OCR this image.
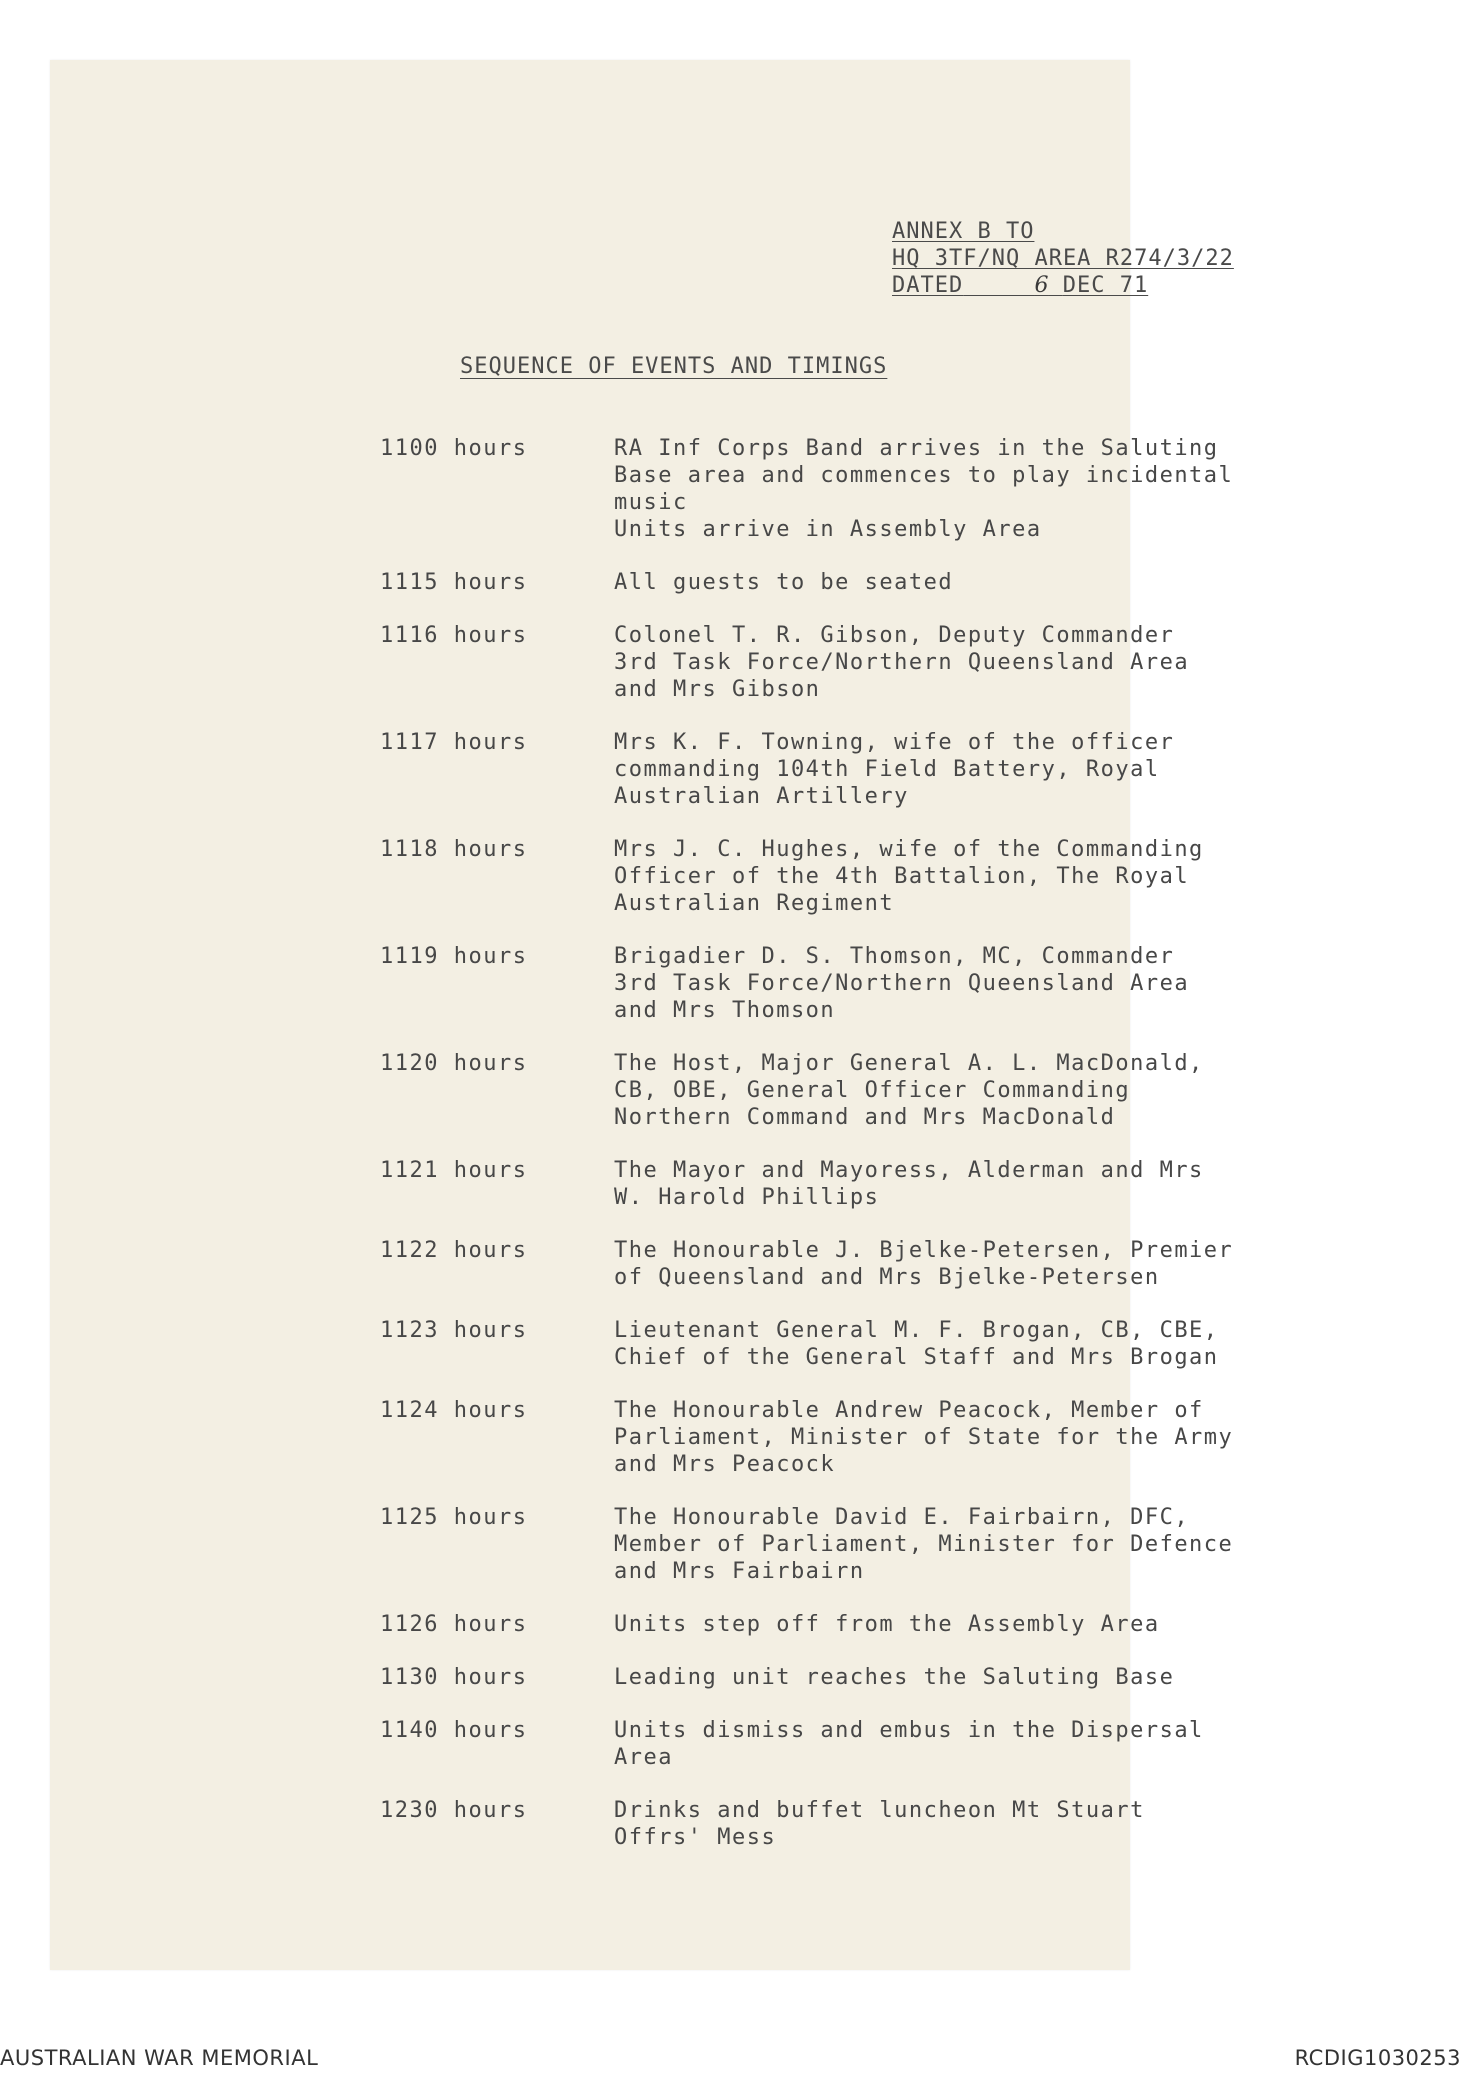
ANNEX B TO
HQ 3TF/NQ AREA R274/3/22
DATED
	6
DEC 71
SEQUENCE OF EVENTS AND TIMINGS
1100 hours	RA Inf Corps Band arrives in the Saluting
Base area and commences to play incidental
music
Units arrive in Assembly Area
1115 hours	All guests to be seated
1116 hours	Colonel T. R. Gibson, Deputy Commander
3rd Task Force/Northern Queensland Area
and Mrs Gibson
1117 hours	Mrs K. F. Towning, wife of the officer
commanding 104th Field Battery, Royal
Australian Artillery
1118 hours	Mrs J. C. Hughes, wife of the Commanding
Officer of the 4th Battalion, The Royal
Australian Regiment
1119 hours	Brigadier D. S. Thomson, MC, Commander
3rd Task Force/Northern Queensland Area
and Mrs Thomson
1120 hours	The Host, Major General A. L. MacDonald,
CB, OBE, General Officer Commanding
Northern Command and Mrs MacDonald
1121 hours	The Mayor and Mayoress, Alderman and Mrs
W. Harold Phillips
1122 hours	The Honourable J. Bjelke-Petersen, Premier
of Queensland and Mrs Bjelke-Petersen
1123 hours	Lieutenant General M. F. Brogan, CB, CBE,
Chief of the General Staff and Mrs Brogan
1124 hours	The Honourable Andrew Peacock, Member of
Parliament, Minister of State for the Army
and Mrs Peacock
1125 hours	The Honourable David E. Fairbairn, DFC,
Member of Parliament, Minister for Defence
and Mrs Fairbairn
1126 hours	Units step off from the Assembly Area
1130 hours	Leading unit reaches the Saluting Base
1140 hours	Units dismiss and embus in the Dispersal
Area
1230 hours	Drinks and buffet luncheon Mt Stuart
Offrs' Mess
AUSTRALIAN WAR MEMORIAL	RCDIG1030253
